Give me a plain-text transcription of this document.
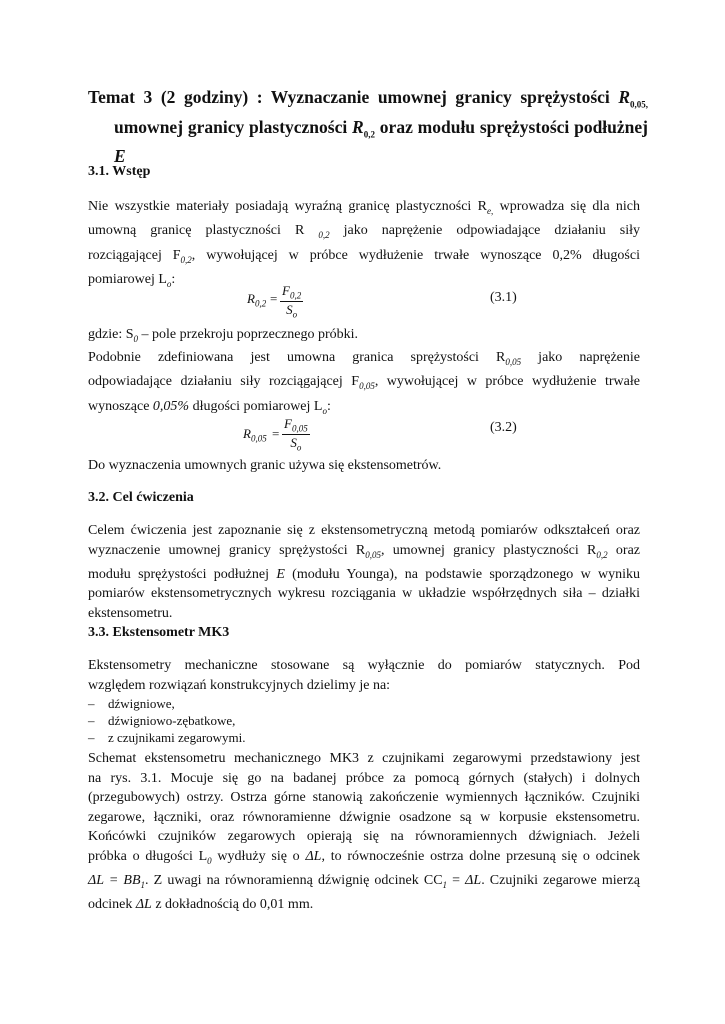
Temat 3 (2 godziny) : Wyznaczanie umownej granicy sprężystości $R_{0,05,}$
umownej granicy plastyczności $R_{0,2}$ oraz modułu sprężystości podłużnej
E
3.1. Wstęp
Nie wszystkie materiały posiadają wyraźną granicę plastyczności $R_{e,}$ wprowadza się dla nich
umowną granicę plastyczności R $_{0,2}$ jako naprężenie odpowiadające działaniu siły
rozciągającej $F_{0,2}$, wywołującej w próbce wydłużenie trwałe wynoszące 0,2% długości
pomiarowej $L_o$:
$R_{0,2} = \frac{F_{0,2}}{S_o}$	(3.1)
gdzie: $S_0$ – pole przekroju poprzecznego próbki.
Podobnie zdefiniowana jest umowna granica sprężystości $R_{0,05}$ jako naprężenie
odpowiadające działaniu siły rozciągającej $F_{0,05}$, wywołującej w próbce wydłużenie trwałe
wynoszące 0,05% długości pomiarowej $L_o$:
$R_{0,05} = \frac{F_{0,05}}{S_o}$	(3.2)
Do wyznaczenia umownych granic używa się ekstensometrów.
3.2. Cel ćwiczenia
Celem ćwiczenia jest zapoznanie się z ekstensometryczną metodą pomiarów odkształceń oraz
wyznaczenie umownej granicy sprężystości $R_{0,05}$, umownej granicy plastyczności $R_{0,2}$ oraz
modułu sprężystości podłużnej E (modułu Younga), na podstawie sporządzonego w wyniku
pomiarów ekstensometrycznych wykresu rozciągania w układzie współrzędnych siła – działki
ekstensometru.
3.3. Ekstensometr MK3
Ekstensometry mechaniczne stosowane są wyłącznie do pomiarów statycznych. Pod
względem rozwiązań konstrukcyjnych dzielimy je na:
– dźwigniowe,
– dźwigniowo-zębatkowe,
– z czujnikami zegarowymi.
Schemat ekstensometru mechanicznego MK3 z czujnikami zegarowymi przedstawiony jest
na rys. 3.1. Mocuje się go na badanej próbce za pomocą górnych (stałych) i dolnych
(przegubowych) ostrzy. Ostrza górne stanowią zakończenie wymiennych łączników. Czujniki
zegarowe, łączniki, oraz równoramienne dźwignie osadzone są w korpusie ekstensometru.
Końcówki czujników zegarowych opierają się na równoramiennych dźwigniach. Jeżeli
próbka o długości $L_0$ wydłuży się o ΔL, to równocześnie ostrza dolne przesuną się o odcinek
$\Delta L = BB_1$. Z uwagi na równoramienną dźwignię odcinek $CC_1 = \Delta L$. Czujniki zegarowe mierzą
odcinek ΔL z dokładnością do 0,01 mm.
